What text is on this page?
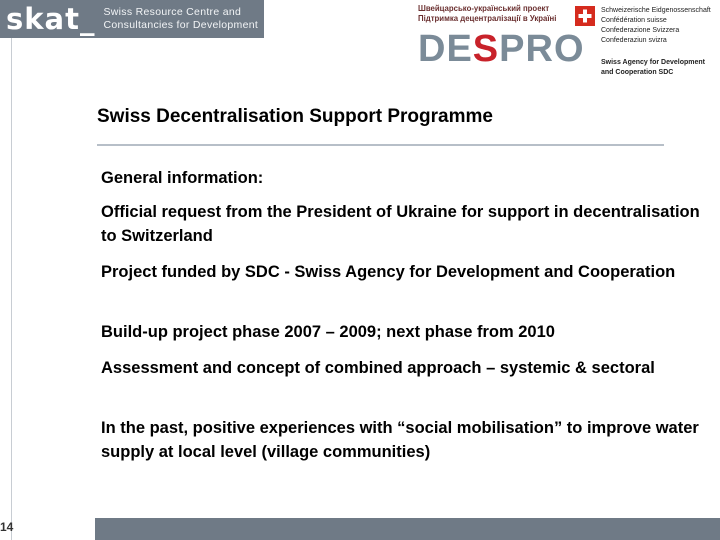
skat_ Swiss Resource Centre and
Consultancies for Development
Швейцарсько-український проект
Підтримка децентралізації в Україні
DESPRO
Schweizerische Eidgenossenschaft
Confédération suisse
Confederazione Svizzera
Confederaziun svizra
Swiss Agency for Development
and Cooperation SDC
Swiss Decentralisation Support Programme

General information:

Official request from the President of Ukraine for support in decentralisation to Switzerland

Project funded by SDC - Swiss Agency for Development and Cooperation

Build-up project phase 2007 – 2009; next phase from 2010

Assessment and concept of combined approach – systemic & sectoral

In the past, positive experiences with “social mobilisation” to improve water supply at local level (village communities)

14
